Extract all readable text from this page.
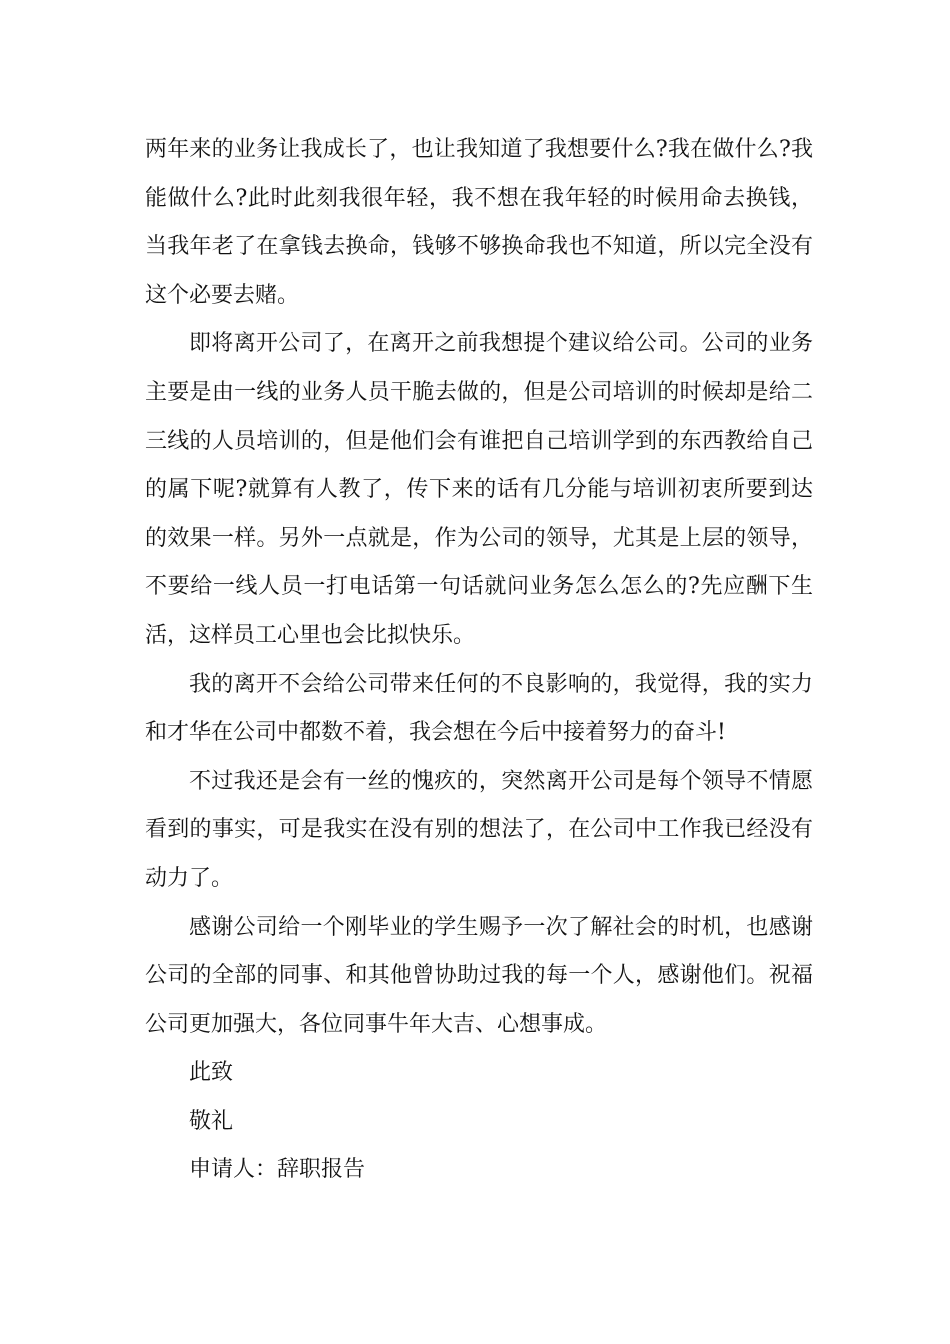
两年来的业务让我成长了，也让我知道了我想要什么?我在做什么?我能做什么?此时此刻我很年轻，我不想在我年轻的时候用命去换钱，当我年老了在拿钱去换命，钱够不够换命我也不知道，所以完全没有这个必要去赌。

即将离开公司了，在离开之前我想提个建议给公司。公司的业务主要是由一线的业务人员干脆去做的，但是公司培训的时候却是给二三线的人员培训的，但是他们会有谁把自己培训学到的东西教给自己的属下呢?就算有人教了，传下来的话有几分能与培训初衷所要到达的效果一样。另外一点就是，作为公司的领导，尤其是上层的领导，不要给一线人员一打电话第一句话就问业务怎么怎么的?先应酬下生活，这样员工心里也会比拟快乐。

我的离开不会给公司带来任何的不良影响的，我觉得，我的实力和才华在公司中都数不着，我会想在今后中接着努力的奋斗!

不过我还是会有一丝的愧疚的，突然离开公司是每个领导不情愿看到的事实，可是我实在没有别的想法了，在公司中工作我已经没有动力了。

感谢公司给一个刚毕业的学生赐予一次了解社会的时机，也感谢公司的全部的同事、和其他曾协助过我的每一个人，感谢他们。祝福公司更加强大，各位同事牛年大吉、心想事成。

此致

敬礼

申请人：辞职报告
